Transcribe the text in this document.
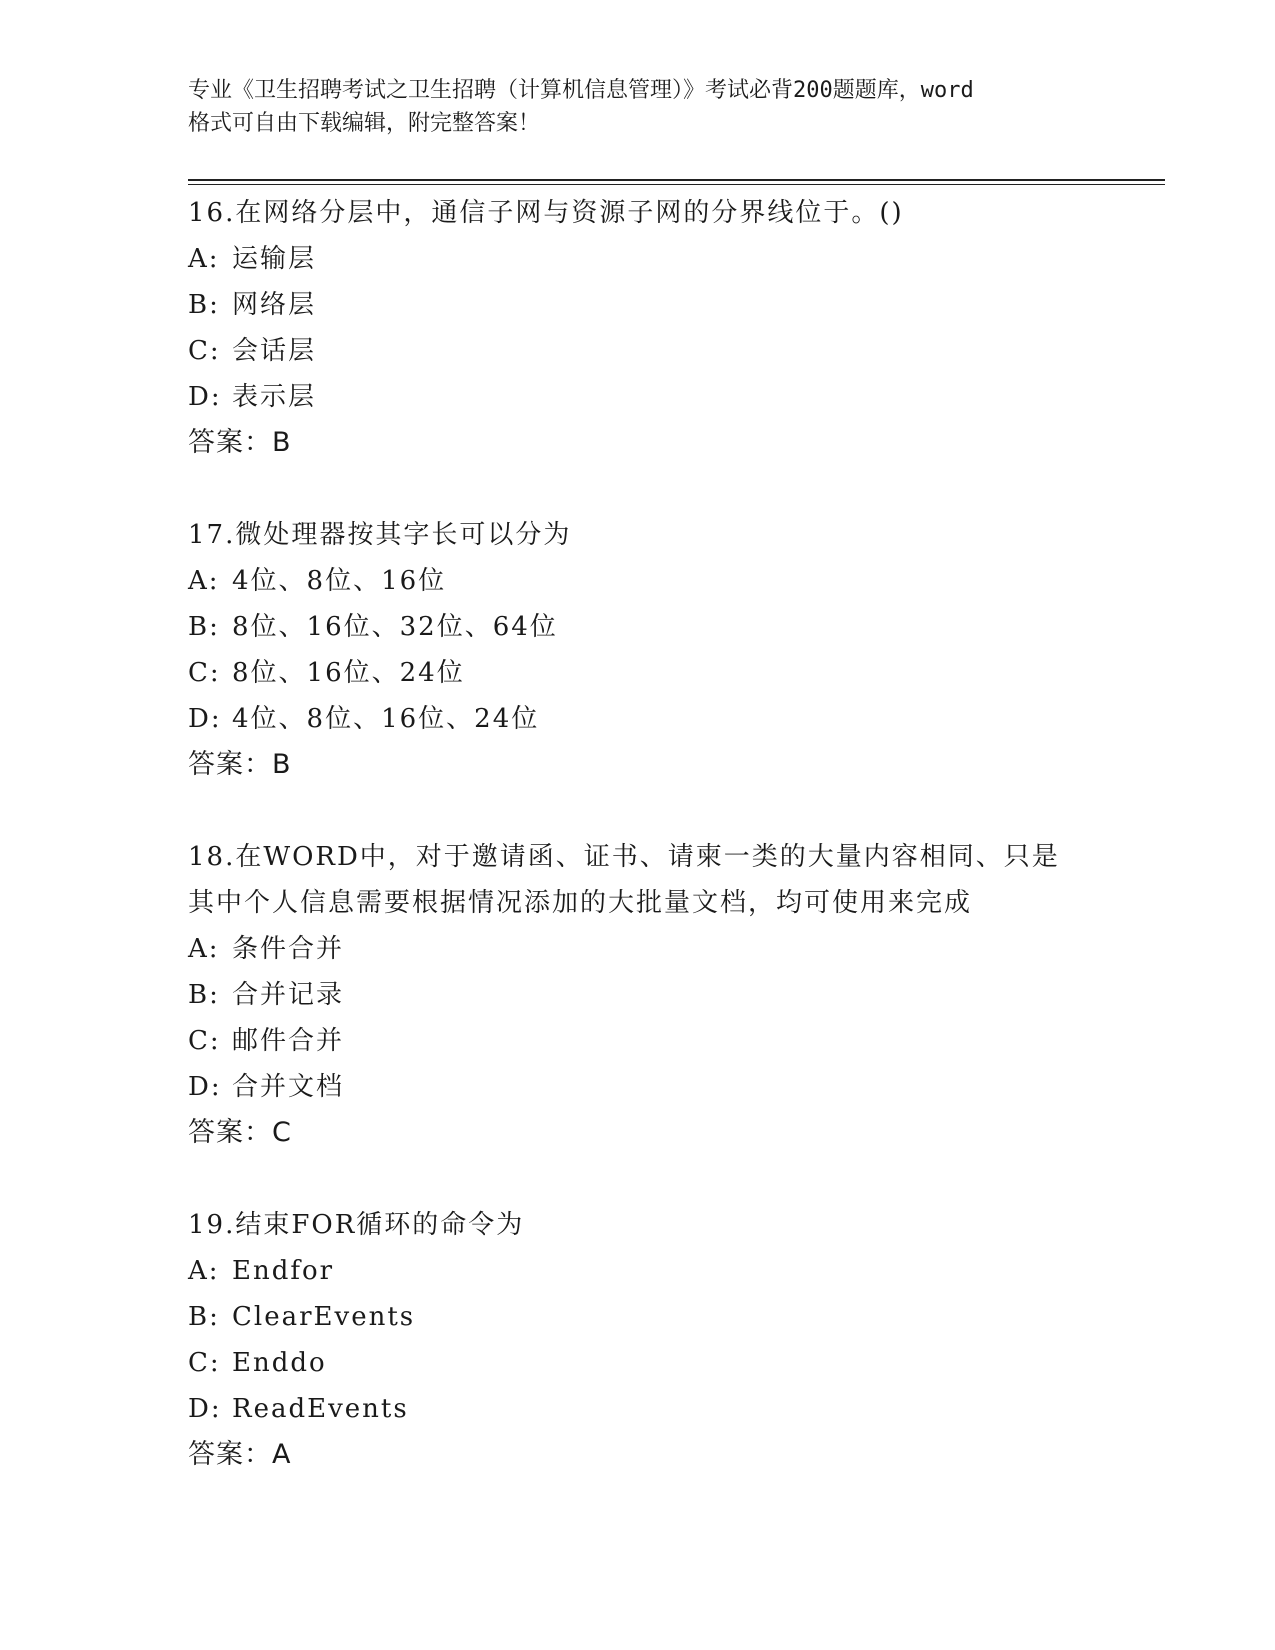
专业《卫生招聘考试之卫生招聘（计算机信息管理）》考试必背200题题库，word
格式可自由下载编辑，附完整答案！

16.在网络分层中，通信子网与资源子网的分界线位于。()

A: 运输层

B: 网络层

C: 会话层

D: 表示层

答案：B

17.微处理器按其字长可以分为

A: 4位、8位、16位

B: 8位、16位、32位、64位

C: 8位、16位、24位

D: 4位、8位、16位、24位

答案：B

18.在WORD中，对于邀请函、证书、请柬一类的大量内容相同、只是

其中个人信息需要根据情况添加的大批量文档，均可使用来完成

A: 条件合并

B: 合并记录

C: 邮件合并

D: 合并文档

答案：C

19.结束FOR循环的命令为

A: Endfor

B: ClearEvents

C: Enddo

D: ReadEvents

答案：A
